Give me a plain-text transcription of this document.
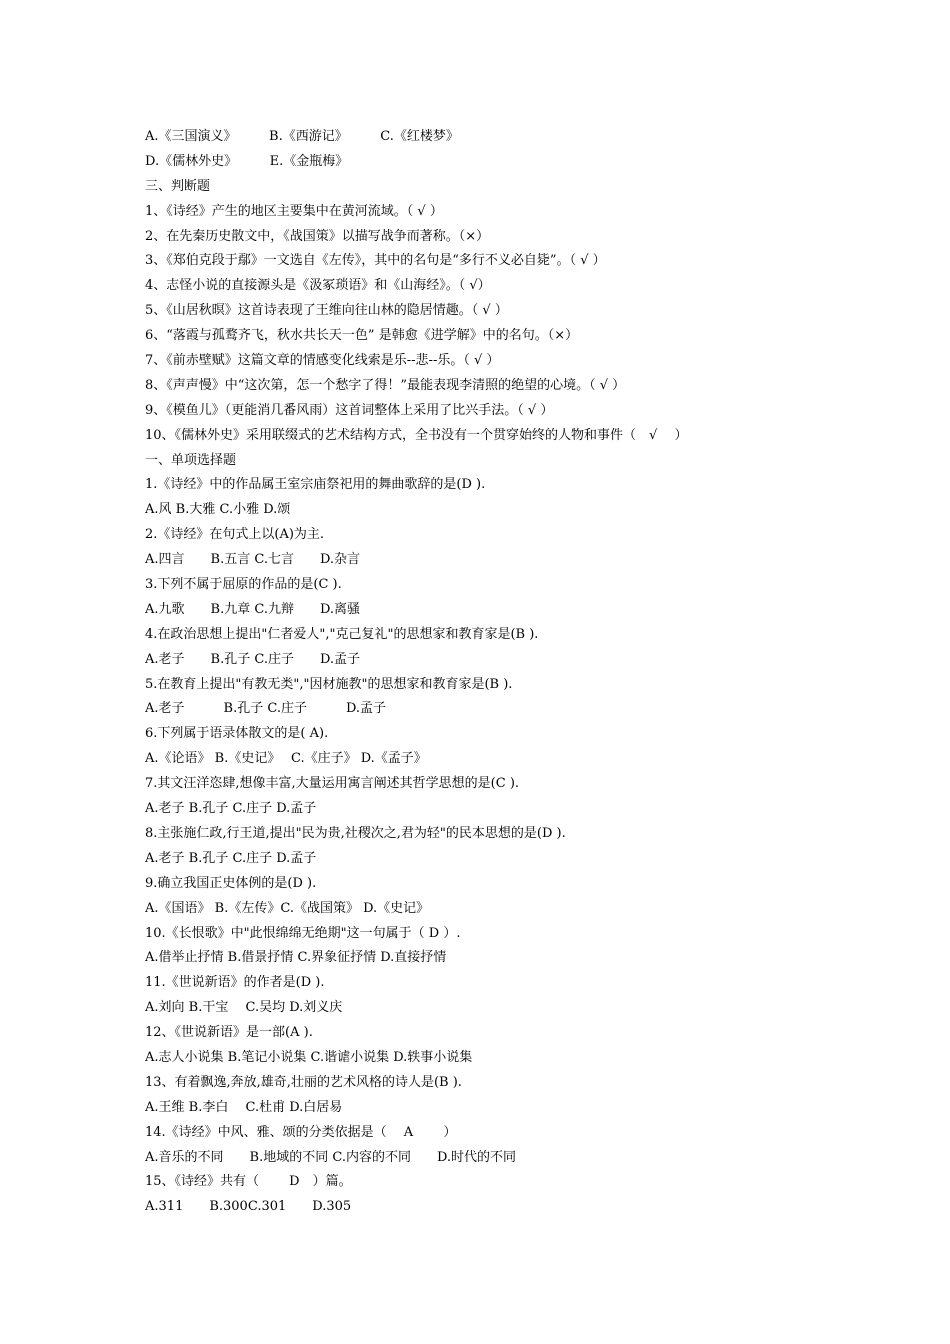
A.《三国演义》　　　B.《西游记》　　　C.《红楼梦》
D.《儒林外史》　　　E.《金瓶梅》
三、判断题
1、《诗经》产生的地区主要集中在黄河流域。（ √ ）
2、在先秦历史散文中，《战国策》以描写战争而著称。（×）
3、《郑伯克段于鄢》一文选自《左传》，其中的名句是“多行不义必自毙”。（ √ ）
4、志怪小说的直接源头是《汲冢琐语》和《山海经》。（ √）
5、《山居秋暝》这首诗表现了王维向往山林的隐居情趣。（ √ ）
6、“落霞与孤鹜齐飞，秋水共长天一色” 是韩愈《进学解》中的名句。（×）
7、《前赤壁赋》这篇文章的情感变化线索是乐--悲--乐。（ √ ）
8、《声声慢》中“这次第，怎一个愁字了得！”最能表现李清照的绝望的心境。（ √ ）
9、《模鱼儿》（更能消几番风雨）这首词整体上采用了比兴手法。（ √ ）
10、《儒林外史》采用联缀式的艺术结构方式，全书没有一个贯穿始终的人物和事件（　√　 ）
一、单项选择题
1.《诗经》中的作品属王室宗庙祭祀用的舞曲歌辞的是(D ).
A.风 B.大雅 C.小雅 D.颂
2.《诗经》在句式上以(A)为主.
A.四言　　B.五言 C.七言　　D.杂言
3.下列不属于屈原的作品的是(C ).
A.九歌　　B.九章 C.九辩　　D.离骚
4.在政治思想上提出"仁者爱人","克己复礼"的思想家和教育家是(B ).
A.老子　　B.孔子 C.庄子　　D.孟子
5.在教育上提出"有教无类","因材施教"的思想家和教育家是(B ).
A.老子　　　B.孔子 C.庄子　　　D.孟子
6.下列属于语录体散文的是( A).
A.《论语》 B.《史记》　 C.《庄子》 D.《孟子》
7.其文汪洋恣肆,想像丰富,大量运用寓言阐述其哲学思想的是(C ).
A.老子 B.孔子 C.庄子 D.孟子
8.主张施仁政,行王道,提出"民为贵,社稷次之,君为轻"的民本思想的是(D ).
A.老子 B.孔子 C.庄子 D.孟子
9.确立我国正史体例的是(D ).
A.《国语》 B.《左传》C.《战国策》 D.《史记》
10.《长恨歌》中"此恨绵绵无绝期"这一句属于（ D ）.
A.借举止抒情 B.借景抒情 C.界象征抒情 D.直接抒情
11.《世说新语》的作者是(D ).
A.刘向 B.干宝　 C.吴均 D.刘义庆
12、《世说新语》是一部(A ).
A.志人小说集 B.笔记小说集 C.谐谑小说集 D.轶事小说集
13、有着飘逸,奔放,雄奇,壮丽的艺术风格的诗人是(B ).
A.王维 B.李白　 C.杜甫 D.白居易
14.《诗经》中风、雅、颂的分类依据是（　 A　　 ）
A.音乐的不同　　B.地域的不同 C.内容的不同　　D.时代的不同
15、《诗经》共有（　　 D　）篇。
A.311　　B.300C.301　　D.305
